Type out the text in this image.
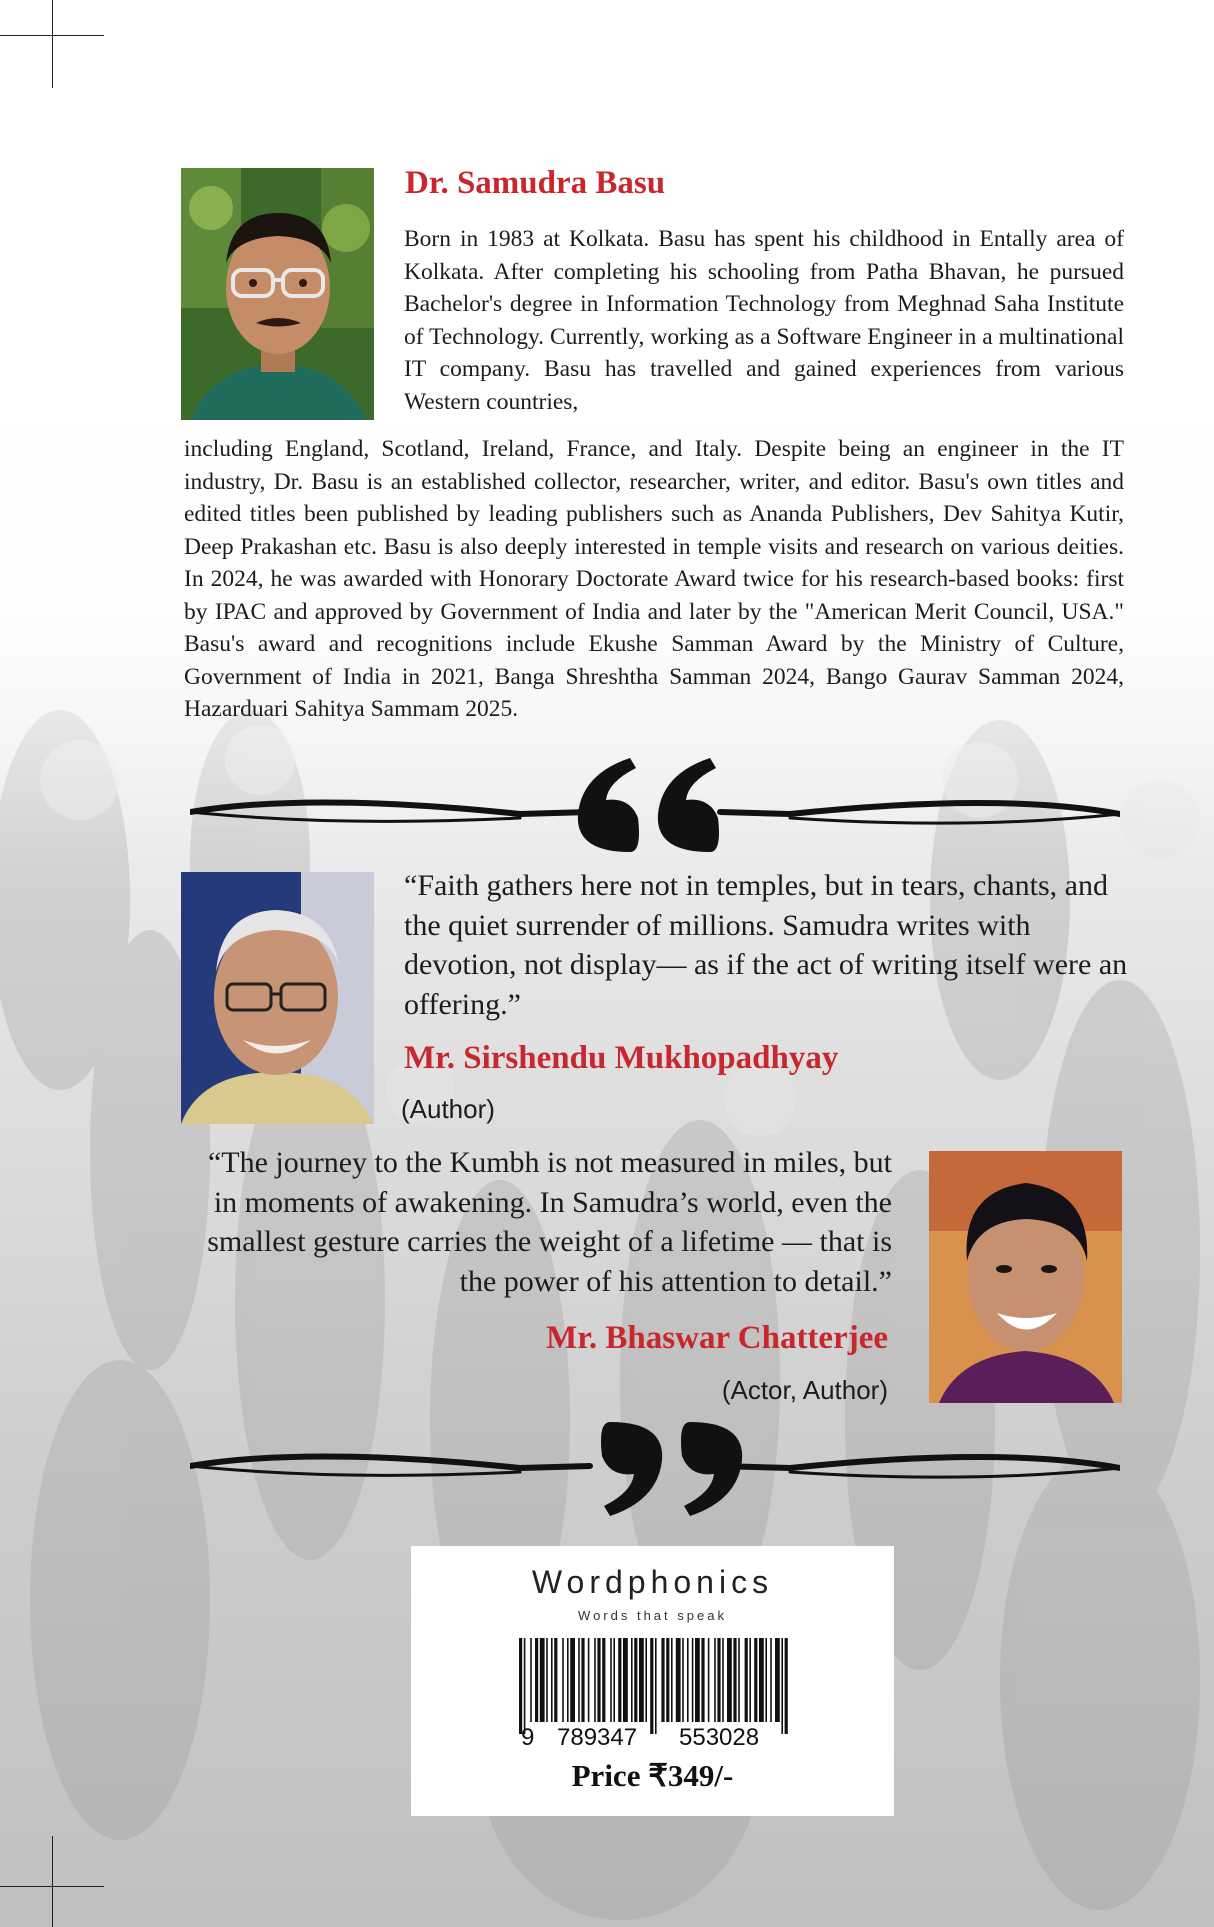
Dr. Samudra Basu

Born in 1983 at Kolkata. Basu has spent his childhood in Entally area of Kolkata. After completing his schooling from Patha Bhavan, he pursued Bachelor's degree in Information Technology from Meghnad Saha Institute of Technology. Currently, working as a Software Engineer in a multinational IT company. Basu has travelled and gained experiences from various Western countries,

including England, Scotland, Ireland, France, and Italy. Despite being an engineer in the IT industry, Dr. Basu is an established collector, researcher, writer, and editor. Basu's own titles and edited titles been published by leading publishers such as Ananda Publishers, Dev Sahitya Kutir, Deep Prakashan etc. Basu is also deeply interested in temple visits and research on various deities. In 2024, he was awarded with Honorary Doctorate Award twice for his research-based books: first by IPAC and approved by Government of India and later by the "American Merit Council, USA." Basu's award and recognitions include Ekushe Samman Award by the Ministry of Culture, Government of India in 2021, Banga Shreshtha Samman 2024, Bango Gaurav Samman 2024, Hazarduari Sahitya Sammam 2025.

“Faith gathers here not in temples, but in tears, chants, and the quiet surrender of millions. Samudra writes with devotion, not display— as if the act of writing itself were an offering.”

Mr. Sirshendu Mukhopadhyay

(Author)

“The journey to the Kumbh is not measured in miles, but in moments of awakening. In Samudra’s world, even the smallest gesture carries the weight of a lifetime — that is the power of his attention to detail.”

Mr. Bhaswar Chatterjee

(Actor, Author)

Wordphonics
Words that speak

9 789347 553028

Price ₹349/-
